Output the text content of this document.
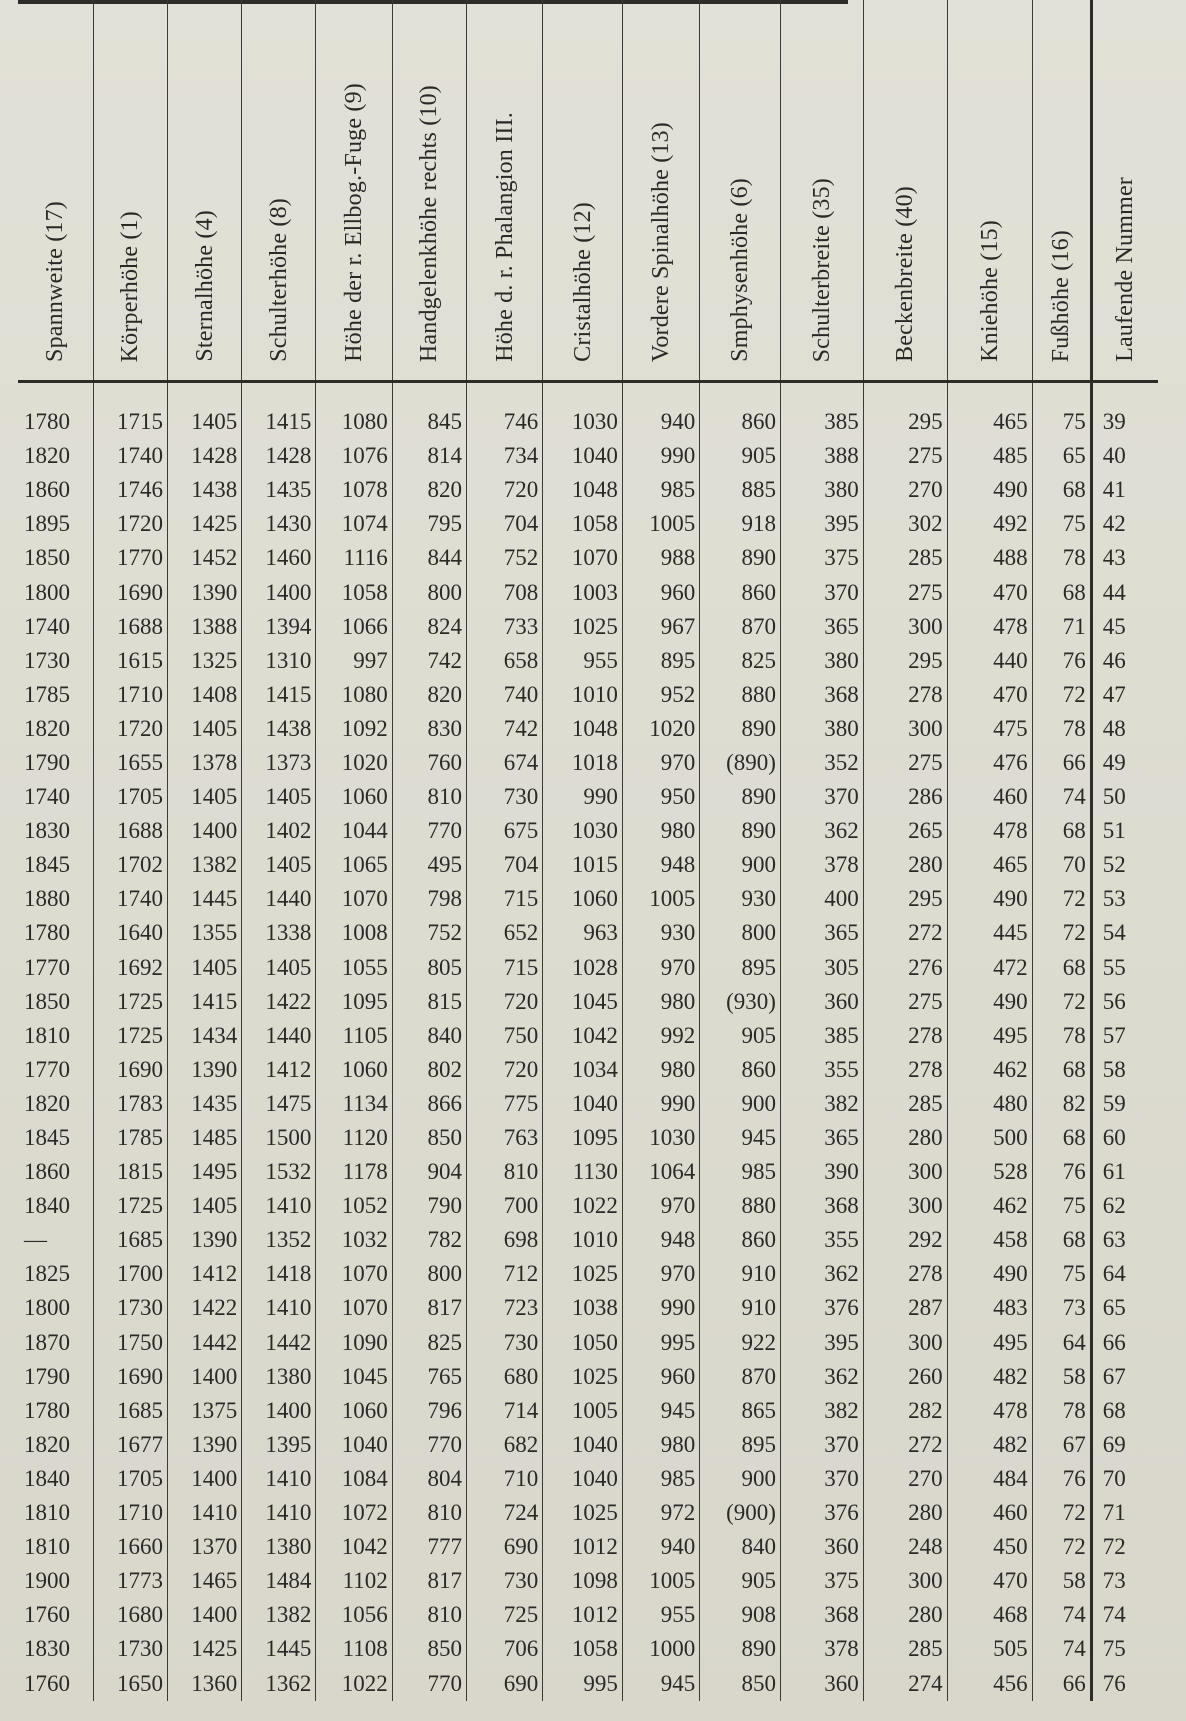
Spannweite (17)	Körperhöhe (1)	Sternalhöhe (4)	Schulterhöhe (8)	Höhe der r. Ellbog.-Fuge (9)	Handgelenkhöhe rechts (10)	Höhe d. r. Phalangion III.	Cristalhöhe (12)	Vordere Spinalhöhe (13)	Smphysenhöhe (6)	Schulterbreite (35)	Beckenbreite (40)	Kniehöhe (15)	Fußhöhe (16)	Laufende Nummer

1780	1715	1405	1415	1080	845	746	1030	940	860	385	295	465	75	39
1820	1740	1428	1428	1076	814	734	1040	990	905	388	275	485	65	40
1860	1746	1438	1435	1078	820	720	1048	985	885	380	270	490	68	41
1895	1720	1425	1430	1074	795	704	1058	1005	918	395	302	492	75	42
1850	1770	1452	1460	1116	844	752	1070	988	890	375	285	488	78	43
1800	1690	1390	1400	1058	800	708	1003	960	860	370	275	470	68	44
1740	1688	1388	1394	1066	824	733	1025	967	870	365	300	478	71	45
1730	1615	1325	1310	997	742	658	955	895	825	380	295	440	76	46
1785	1710	1408	1415	1080	820	740	1010	952	880	368	278	470	72	47
1820	1720	1405	1438	1092	830	742	1048	1020	890	380	300	475	78	48
1790	1655	1378	1373	1020	760	674	1018	970	(890)	352	275	476	66	49
1740	1705	1405	1405	1060	810	730	990	950	890	370	286	460	74	50
1830	1688	1400	1402	1044	770	675	1030	980	890	362	265	478	68	51
1845	1702	1382	1405	1065	495	704	1015	948	900	378	280	465	70	52
1880	1740	1445	1440	1070	798	715	1060	1005	930	400	295	490	72	53
1780	1640	1355	1338	1008	752	652	963	930	800	365	272	445	72	54
1770	1692	1405	1405	1055	805	715	1028	970	895	305	276	472	68	55
1850	1725	1415	1422	1095	815	720	1045	980	(930)	360	275	490	72	56
1810	1725	1434	1440	1105	840	750	1042	992	905	385	278	495	78	57
1770	1690	1390	1412	1060	802	720	1034	980	860	355	278	462	68	58
1820	1783	1435	1475	1134	866	775	1040	990	900	382	285	480	82	59
1845	1785	1485	1500	1120	850	763	1095	1030	945	365	280	500	68	60
1860	1815	1495	1532	1178	904	810	1130	1064	985	390	300	528	76	61
1840	1725	1405	1410	1052	790	700	1022	970	880	368	300	462	75	62
—	1685	1390	1352	1032	782	698	1010	948	860	355	292	458	68	63
1825	1700	1412	1418	1070	800	712	1025	970	910	362	278	490	75	64
1800	1730	1422	1410	1070	817	723	1038	990	910	376	287	483	73	65
1870	1750	1442	1442	1090	825	730	1050	995	922	395	300	495	64	66
1790	1690	1400	1380	1045	765	680	1025	960	870	362	260	482	58	67
1780	1685	1375	1400	1060	796	714	1005	945	865	382	282	478	78	68
1820	1677	1390	1395	1040	770	682	1040	980	895	370	272	482	67	69
1840	1705	1400	1410	1084	804	710	1040	985	900	370	270	484	76	70
1810	1710	1410	1410	1072	810	724	1025	972	(900)	376	280	460	72	71
1810	1660	1370	1380	1042	777	690	1012	940	840	360	248	450	72	72
1900	1773	1465	1484	1102	817	730	1098	1005	905	375	300	470	58	73
1760	1680	1400	1382	1056	810	725	1012	955	908	368	280	468	74	74
1830	1730	1425	1445	1108	850	706	1058	1000	890	378	285	505	74	75
1760	1650	1360	1362	1022	770	690	995	945	850	360	274	456	66	76
